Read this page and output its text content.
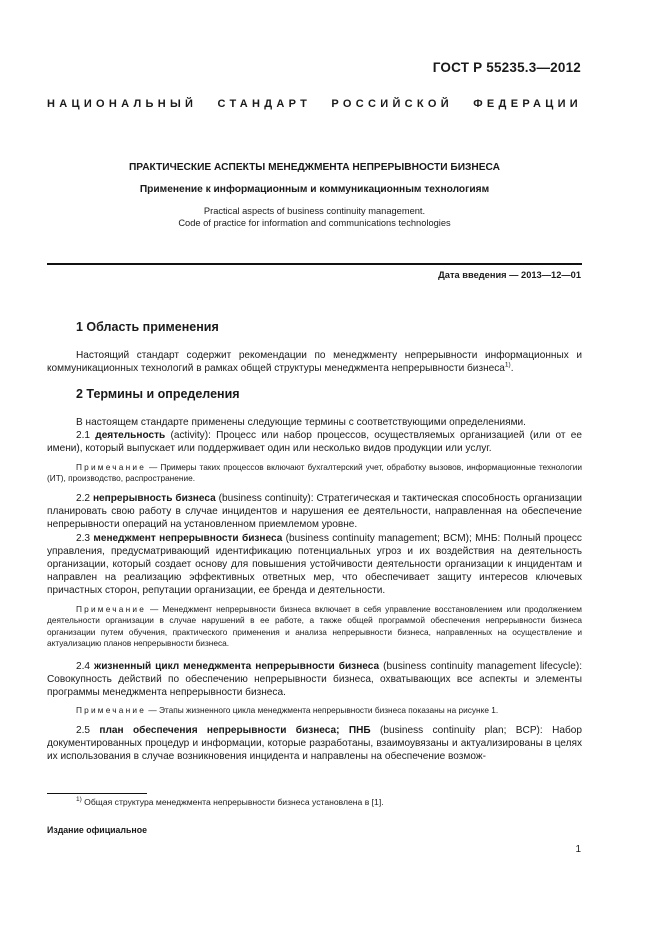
ГОСТ Р 55235.3—2012
НАЦИОНАЛЬНЫЙ СТАНДАРТ РОССИЙСКОЙ ФЕДЕРАЦИИ
ПРАКТИЧЕСКИЕ АСПЕКТЫ МЕНЕДЖМЕНТА НЕПРЕРЫВНОСТИ БИЗНЕСА
Применение к информационным и коммуникационным технологиям
Practical aspects of business continuity management.
Code of practice for information and communications technologies
Дата введения — 2013—12—01
1 Область применения

Настоящий стандарт содержит рекомендации по менеджменту непрерывности информационных и коммуникационных технологий в рамках общей структуры менеджмента непрерывности бизнеса$^{1)}$.

2 Термины и определения
В настоящем стандарте применены следующие термины с соответствующими определениями.
2.1 деятельность (activity): Процесс или набор процессов, осуществляемых организацией (или от ее имени), который выпускает или поддерживает один или несколько видов продукции или услуг.

Примечание — Примеры таких процессов включают бухгалтерский учет, обработку вызовов, информационные технологии (ИТ), производство, распространение.

2.2 непрерывность бизнеса (business continuity): Стратегическая и тактическая способность организации планировать свою работу в случае инцидентов и нарушения ее деятельности, направленная на обеспечение непрерывности операций на установленном приемлемом уровне.
2.3 менеджмент непрерывности бизнеса (business continuity management; BCM); МНБ: Полный процесс управления, предусматривающий идентификацию потенциальных угроз и их воздействия на деятельность организации, который создает основу для повышения устойчивости деятельности организации к инцидентам и направлен на реализацию эффективных ответных мер, что обеспечивает защиту интересов ключевых причастных сторон, репутации организации, ее бренда и деятельности.

Примечание — Менеджмент непрерывности бизнеса включает в себя управление восстановлением или продолжением деятельности организации в случае нарушений в ее работе, а также общей программой обеспечения непрерывности бизнеса организации путем обучения, практического применения и анализа непрерывности бизнеса, направленных на осуществление и актуализацию планов непрерывности бизнеса.

2.4 жизненный цикл менеджмента непрерывности бизнеса (business continuity management lifecycle): Совокупность действий по обеспечению непрерывности бизнеса, охватывающих все аспекты и элементы программы менеджмента непрерывности бизнеса.

Примечание — Этапы жизненного цикла менеджмента непрерывности бизнеса показаны на рисунке 1.

2.5 план обеспечения непрерывности бизнеса; ПНБ (business continuity plan; BCP): Набор документированных процедур и информации, которые разработаны, взаимоувязаны и актуализированы в целях их использования в случае возникновения инцидента и направлены на обеспечение возмож-
$^{1)}$ Общая структура менеджмента непрерывности бизнеса установлена в [1].
Издание официальное
1
